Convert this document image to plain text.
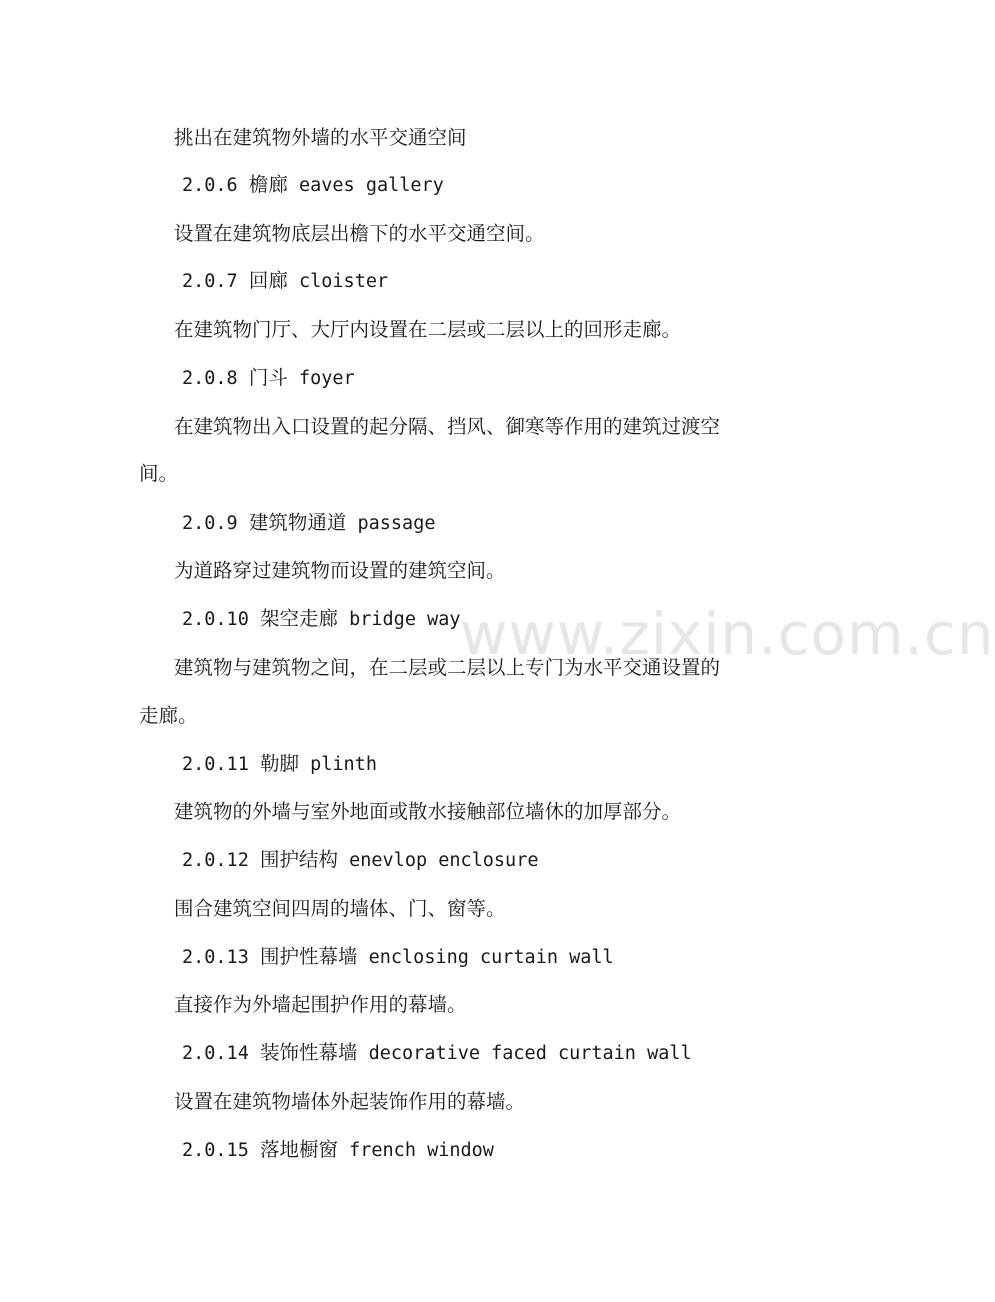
www.zixin.com.cn
挑出在建筑物外墙的水平交通空间
2.0.6 檐廊 eaves gallery
设置在建筑物底层出檐下的水平交通空间。
2.0.7 回廊 cloister
在建筑物门厅、大厅内设置在二层或二层以上的回形走廊。
2.0.8 门斗 foyer
在建筑物出入口设置的起分隔、挡风、御寒等作用的建筑过渡空
间。
2.0.9 建筑物通道 passage
为道路穿过建筑物而设置的建筑空间。
2.0.10 架空走廊 bridge way
建筑物与建筑物之间，在二层或二层以上专门为水平交通设置的
走廊。
2.0.11 勒脚 plinth
建筑物的外墙与室外地面或散水接触部位墙休的加厚部分。
2.0.12 围护结构 enevlop enclosure
围合建筑空间四周的墙体、门、窗等。
2.0.13 围护性幕墙 enclosing curtain wall
直接作为外墙起围护作用的幕墙。
2.0.14 装饰性幕墙 decorative faced curtain wall
设置在建筑物墙体外起装饰作用的幕墙。
2.0.15 落地橱窗 french window
